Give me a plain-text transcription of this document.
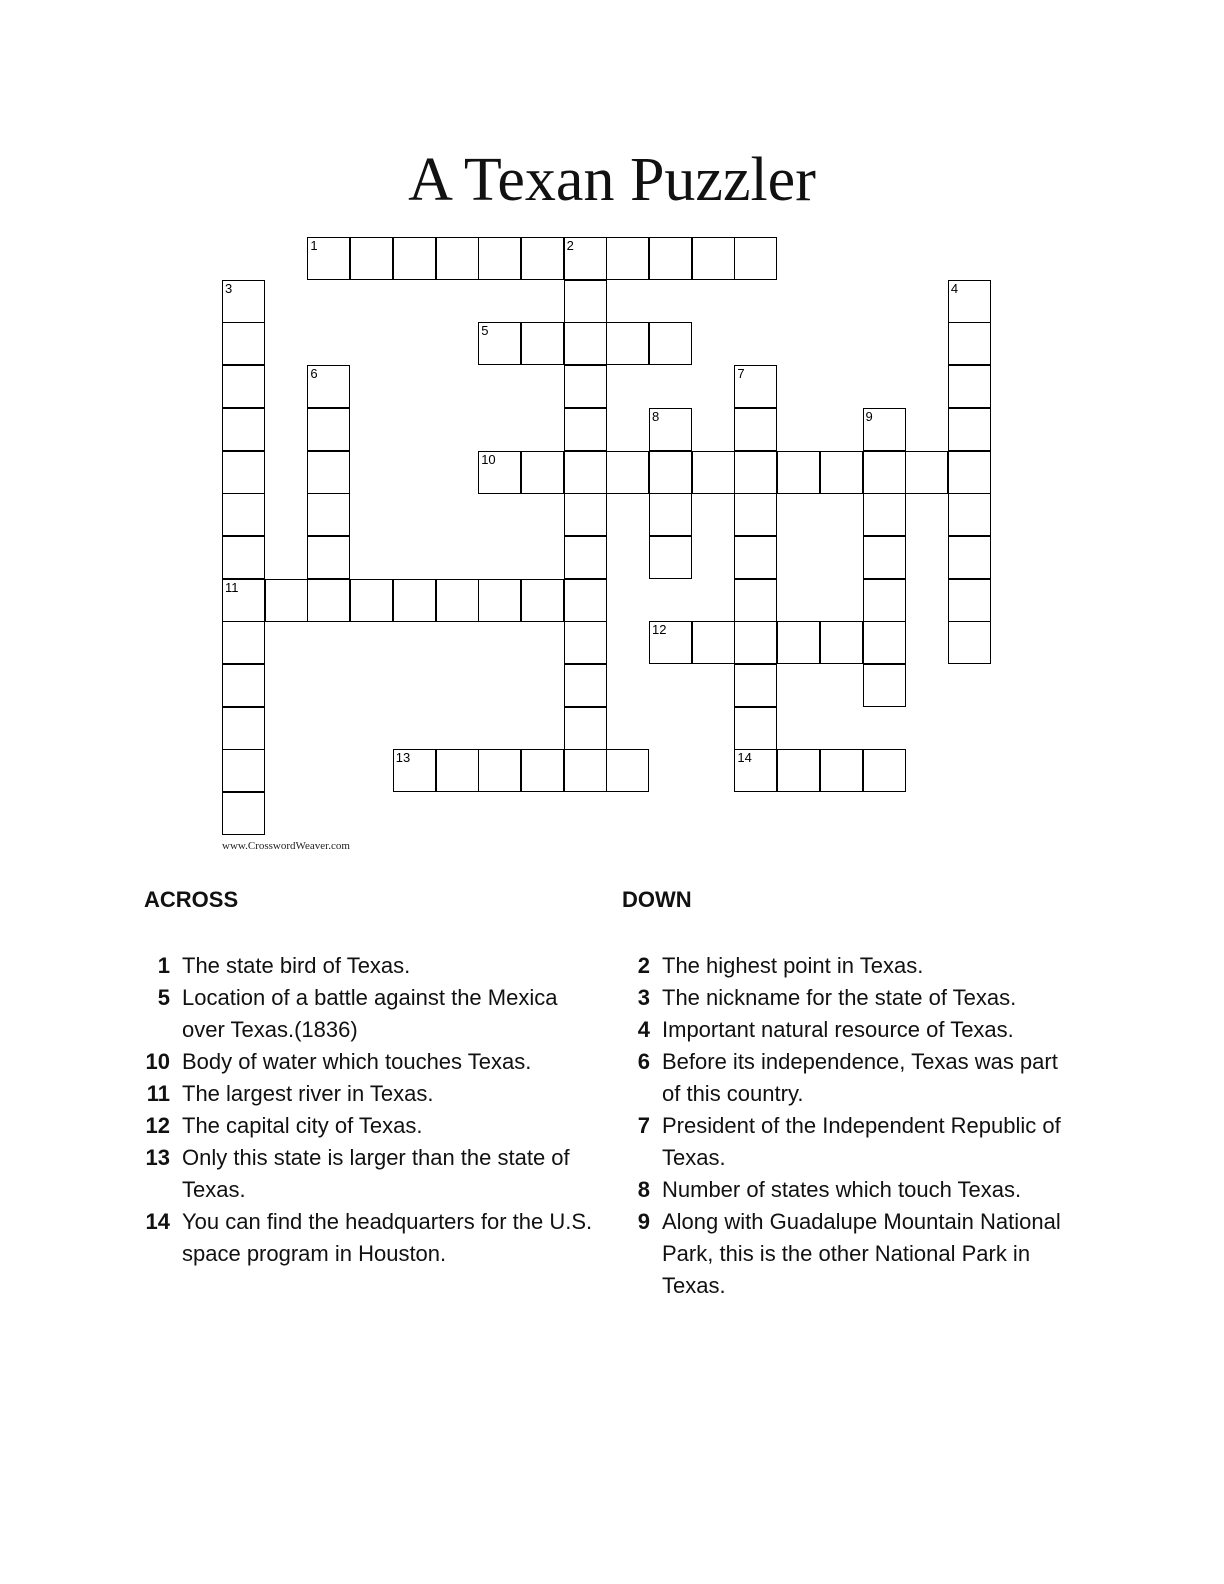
A Texan Puzzler
1	2
3
11
4
5
6	7
8	9
10
12
13	14
www.CrosswordWeaver.com
ACROSS	DOWN
1 The state bird of Texas.
5 Location of a battle against the Mexica over Texas.(1836)
10 Body of water which touches Texas.
11 The largest river in Texas.
12 The capital city of Texas.
13 Only this state is larger than the state of Texas.
14 You can find the headquarters for the U.S. space program in Houston.
2 The highest point in Texas.
3 The nickname for the state of Texas.
4 Important natural resource of Texas.
6 Before its independence, Texas was part of this country.
7 President of the Independent Republic of Texas.
8 Number of states which touch Texas.
9 Along with Guadalupe Mountain National Park, this is the other National Park in Texas.
